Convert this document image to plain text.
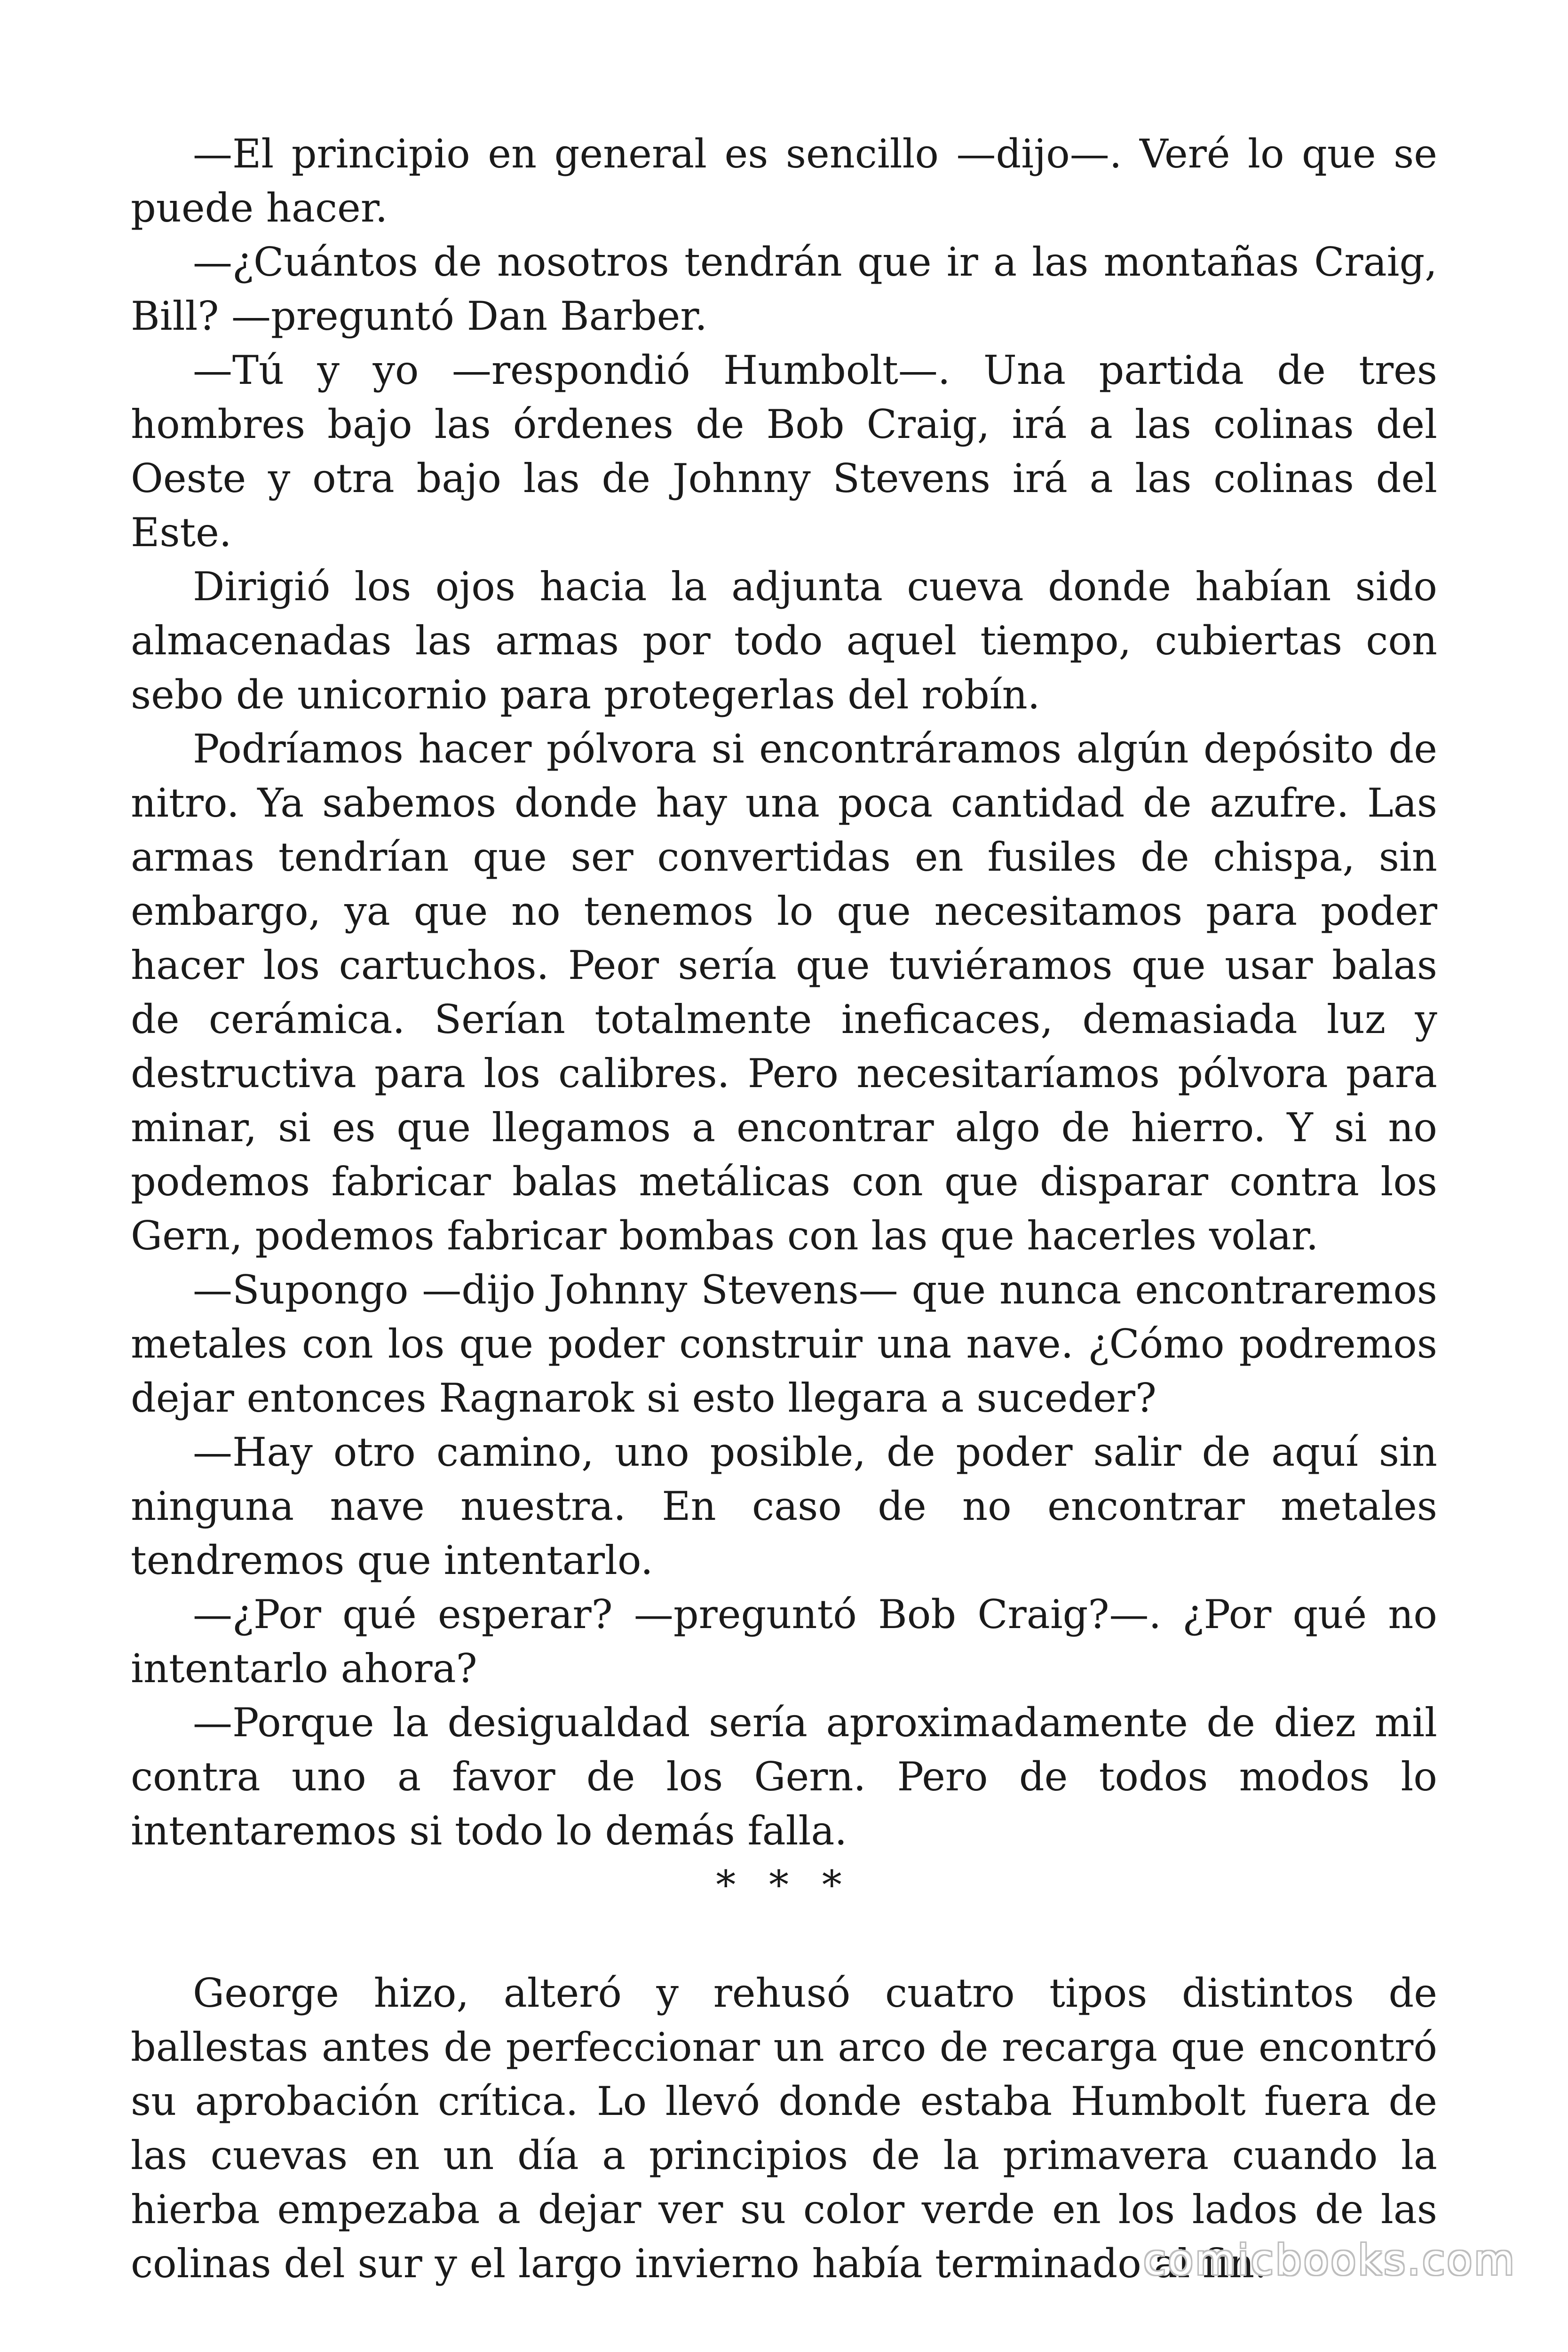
—El principio en general es sencillo —dijo—. Veré lo que se puede hacer.

—¿Cuántos de nosotros tendrán que ir a las montañas Craig, Bill? —preguntó Dan Barber.

—Tú y yo —respondió Humbolt—. Una partida de tres hombres bajo las órdenes de Bob Craig, irá a las colinas del Oeste y otra bajo las de Johnny Stevens irá a las colinas del Este.

Dirigió los ojos hacia la adjunta cueva donde habían sido almacenadas las armas por todo aquel tiempo, cubiertas con sebo de unicornio para protegerlas del robín.

Podríamos hacer pólvora si encontráramos algún depósito de nitro. Ya sabemos donde hay una poca cantidad de azufre. Las armas tendrían que ser convertidas en fusiles de chispa, sin embargo, ya que no tenemos lo que necesitamos para poder hacer los cartuchos. Peor sería que tuviéramos que usar balas de cerámica. Serían totalmente ineficaces, demasiada luz y destructiva para los calibres. Pero necesitaríamos pólvora para minar, si es que llegamos a encontrar algo de hierro. Y si no podemos fabricar balas metálicas con que disparar contra los Gern, podemos fabricar bombas con las que hacerles volar.

—Supongo —dijo Johnny Stevens— que nunca encontraremos metales con los que poder construir una nave. ¿Cómo podremos dejar entonces Ragnarok si esto llegara a suceder?

—Hay otro camino, uno posible, de poder salir de aquí sin ninguna nave nuestra. En caso de no encontrar metales tendremos que intentarlo.

—¿Por qué esperar? —preguntó Bob Craig?—. ¿Por qué no intentarlo ahora?

—Porque la desigualdad sería aproximadamente de diez mil contra uno a favor de los Gern. Pero de todos modos lo intentaremos si todo lo demás falla.

* * *

George hizo, alteró y rehusó cuatro tipos distintos de ballestas antes de perfeccionar un arco de recarga que encontró su aprobación crítica. Lo llevó donde estaba Humbolt fuera de las cuevas en un día a principios de la primavera cuando la hierba empezaba a dejar ver su color verde en los lados de las colinas del sur y el largo invierno había terminado al fin.

comicbooks.com
